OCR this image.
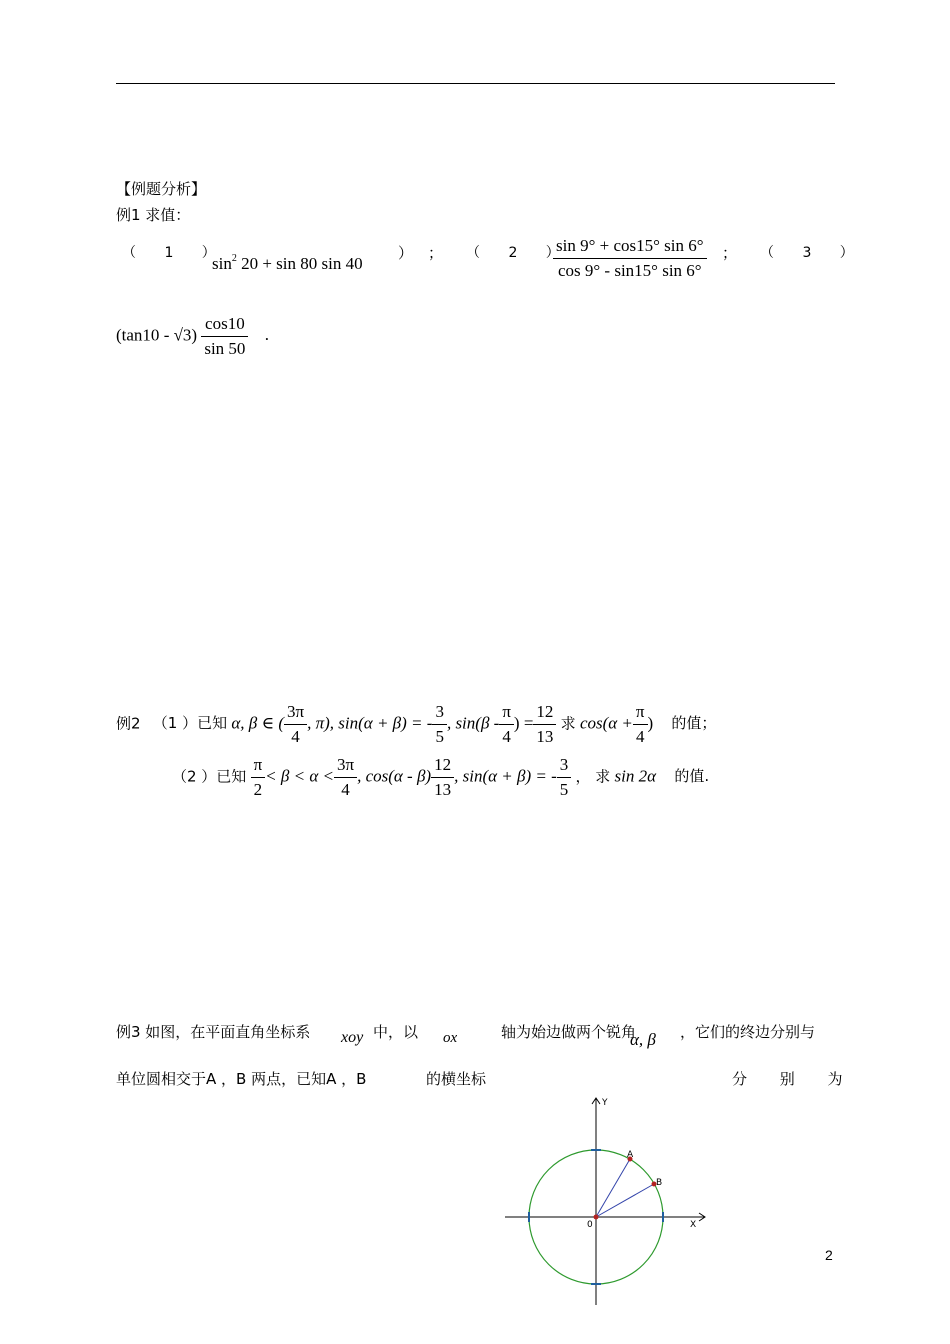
【例题分析】
例1 求值：
（ 1 ）
$\sin^2 20 + \sin 80$ sin 40
） ； （ 2 ）
$\frac{\sin 9^\circ + \cos 15^\circ \sin 6^\circ}{\cos 9^\circ - \sin 15^\circ \sin 6^\circ}$ ； （ 3 ）
$(\tan 10 - √3) \frac{\cos 10}{\sin 50}$ .
例2 （1 ）已知 α, β ∈ ( $\frac{3\pi}{4}$ , π), sin(α + β) = - $\frac{3}{5}$ , $\sin(\beta - \frac{\pi}{4}$ ) = $\frac{12}{13}$ 求 $\cos(\alpha + \frac{\pi}{4}$ ) 的值；
（2 ）已知 $\frac{\pi}{2} < \beta < \alpha < \frac{3\pi}{4}$ , $\cos(\alpha - \beta) \frac{12}{13}$ , sin(α + β) = - $\frac{3}{5}$ ， 求 sin 2α 的值.
例3 如图，在平面直角坐标系 xoy 中，以 ox	轴为始边做两个锐角
α, β ，它们的终边分别与
单位圆相交于A ，B 两点，已知A ，B	的横坐标	分 别 为
Y
X
0
A
B
2
